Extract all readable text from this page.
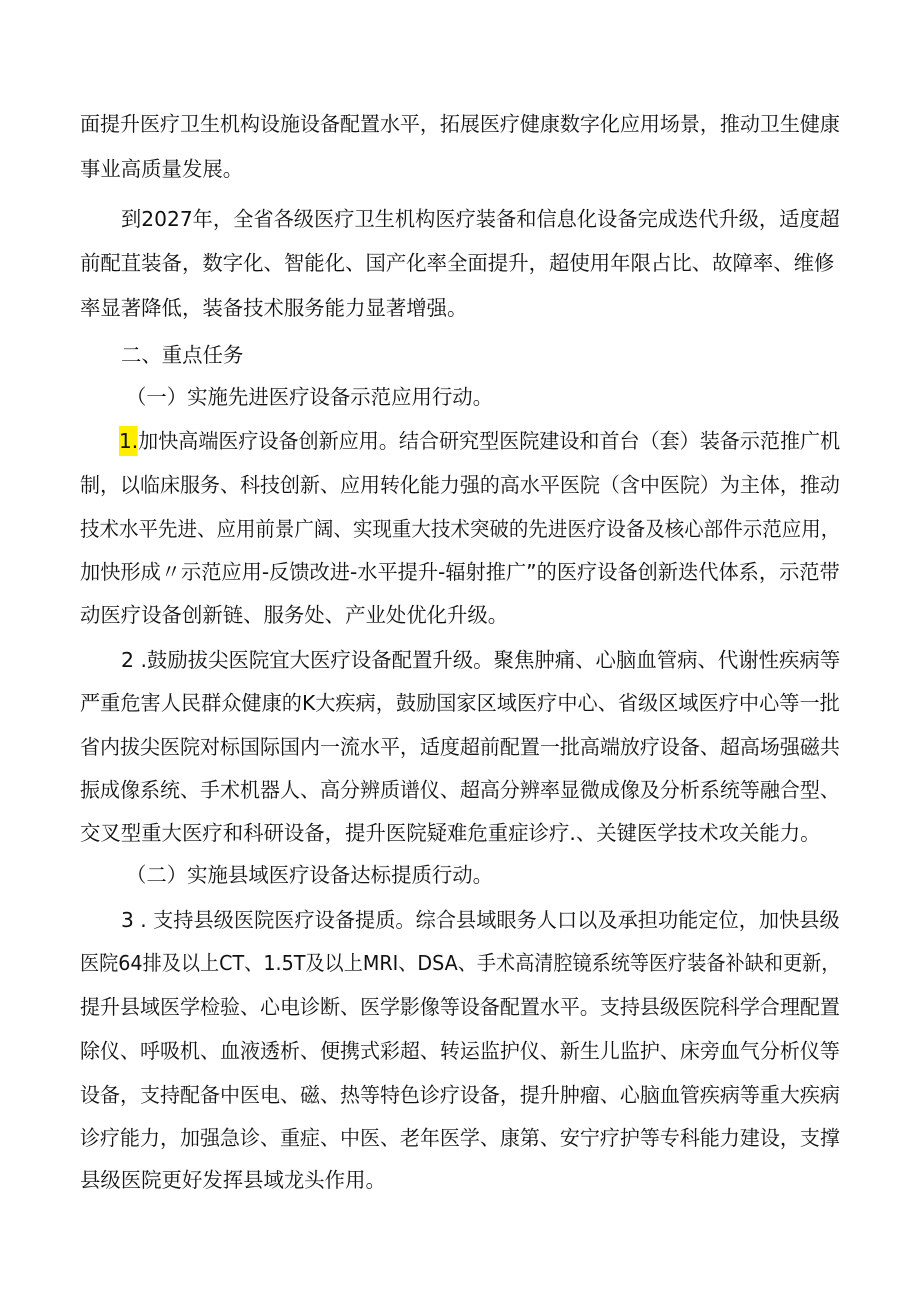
面提升医疗卫生机构设施设备配置水平，拓展医疗健康数字化应用场景，推动卫生健康
事业高质量发展。
到2027年，全省各级医疗卫生机构医疗装备和信息化设备完成迭代升级，适度超
前配苴装备，数字化、智能化、国产化率全面提升，超使用年限占比、故障率、维修
率显著降低，装备技术服务能力显著增强。
二、重点任务
（一）实施先进医疗设备示范应用行动。
1.加快高端医疗设备创新应用。结合研究型医院建设和首台（套）装备示范推广机
制，以临床服务、科技创新、应用转化能力强的高水平医院（含中医院）为主体，推动
技术水平先进、应用前景广阔、实现重大技术突破的先进医疗设备及核心部件示范应用，
加快形成〃示范应用-反馈改进-水平提升-辐射推广”的医疗设备创新迭代体系，示范带
动医疗设备创新链、服务处、产业处优化升级。
2 .鼓励拔尖医院宜大医疗设备配置升级。聚焦肿痛、心脑血管病、代谢性疾病等
严重危害人民群众健康的K大疾病，鼓励国家区域医疗中心、省级区域医疗中心等一批
省内拔尖医院对标国际国内一流水平，适度超前配置一批高端放疗设备、超高场强磁共
振成像系统、手术机器人、高分辨质谱仪、超高分辨率显微成像及分析系统等融合型、
交叉型重大医疗和科研设备，提升医院疑难危重症诊疗.、关键医学技术攻关能力。
（二）实施县域医疗设备达标提质行动。
3 . 支持县级医院医疗设备提质。综合县域眼务人口以及承担功能定位，加快县级
医院64排及以上CT、1.5T及以上MRI、DSA、手术高清腔镜系统等医疗装备补缺和更新，
提升县域医学检验、心电诊断、医学影像等设备配置水平。支持县级医院科学合理配置
除仪、呼吸机、血液透析、便携式彩超、转运监护仪、新生儿监护、床旁血气分析仪等
设备，支持配备中医电、磁、热等特色诊疗设备，提升肿瘤、心脑血管疾病等重大疾病
诊疗能力，加强急诊、重症、中医、老年医学、康第、安宁疗护等专科能力建设，支撑
县级医院更好发挥县域龙头作用。
